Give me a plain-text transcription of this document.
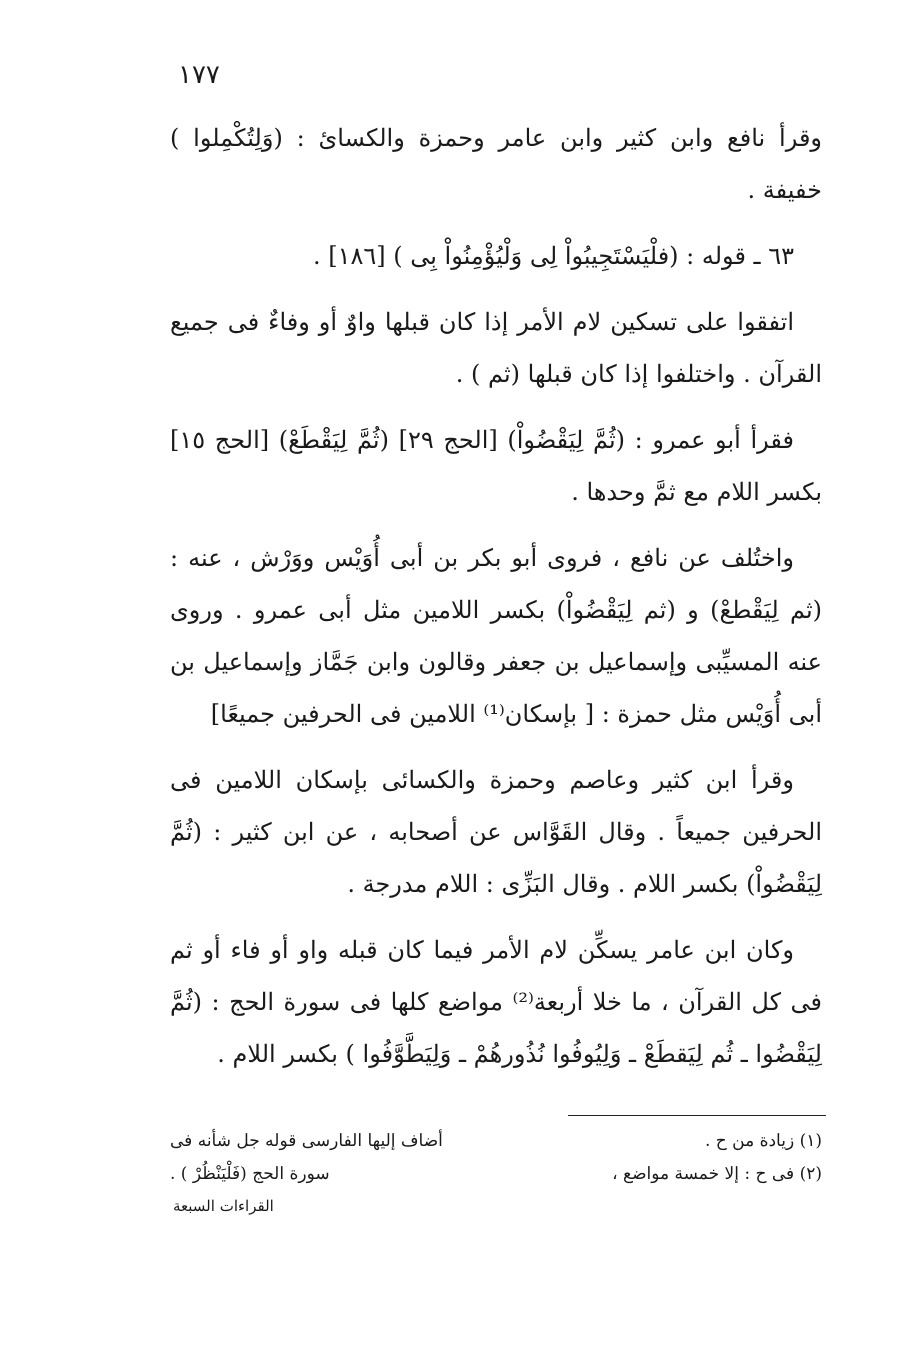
١٧٧

وقرأ نافع وابن كثير وابن عامر وحمزة والكسائ : (وَلِتُكْمِلوا ) خفيفة .

٦٣ ـ قوله : (فلْيَسْتَجِيبُواْ لِى وَلْيُؤْمِنُواْ بِى ) [١٨٦] .

اتفقوا على تسكين لام الأمر إذا كان قبلها واوٌ أو وفاءٌ فى جميع القرآن . واختلفوا إذا كان قبلها (ثم ) .

فقرأ أبو عمرو : (ثُمَّ لِيَقْضُواْ) [الحج ٢٩] (ثُمَّ لِيَقْطَعْ) [الحج ١٥] بكسر اللام مع ثمَّ وحدها .

واختُلف عن نافع ، فروى أبو بكر بن أبى أُوَيْس ووَرْش ، عنه : (ثم لِيَقْطعْ) و (ثم لِيَقْضُواْ) بكسر اللامين مثل أبى عمرو . وروى عنه المسيِّبى وإسماعيل بن جعفر وقالون وابن جَمَّاز وإسماعيل بن أبى أُوَيْس مثل حمزة : [ بإسكان⁽¹⁾ اللامين فى الحرفين جميعًا]

وقرأ ابن كثير وعاصم وحمزة والكسائى بإسكان اللامين فى الحرفين جميعاً . وقال القَوَّاس عن أصحابه ، عن ابن كثير : (ثُمَّ لِيَقْضُواْ) بكسر اللام . وقال البَزِّى : اللام مدرجة .

وكان ابن عامر يسكِّن لام الأمر فيما كان قبله واو أو فاء أو ثم فى كل القرآن ، ما خلا أربعة⁽²⁾ مواضع كلها فى سورة الحج : (ثُمَّ لِيَقْضُوا ـ ثُم لِيَقطَعْ ـ وَلِيُوفُوا نُذُورهُمْ ـ وَلِيَطَّوَّفُوا ) بكسر اللام .

(١) زيادة من ح .
أضاف إليها الفارسى قوله جل شأنه فى
(٢) فى ح : إلا خمسة مواضع ،
سورة الحج (فَلْيَنْظُرْ ) .
القراءات السبعة
